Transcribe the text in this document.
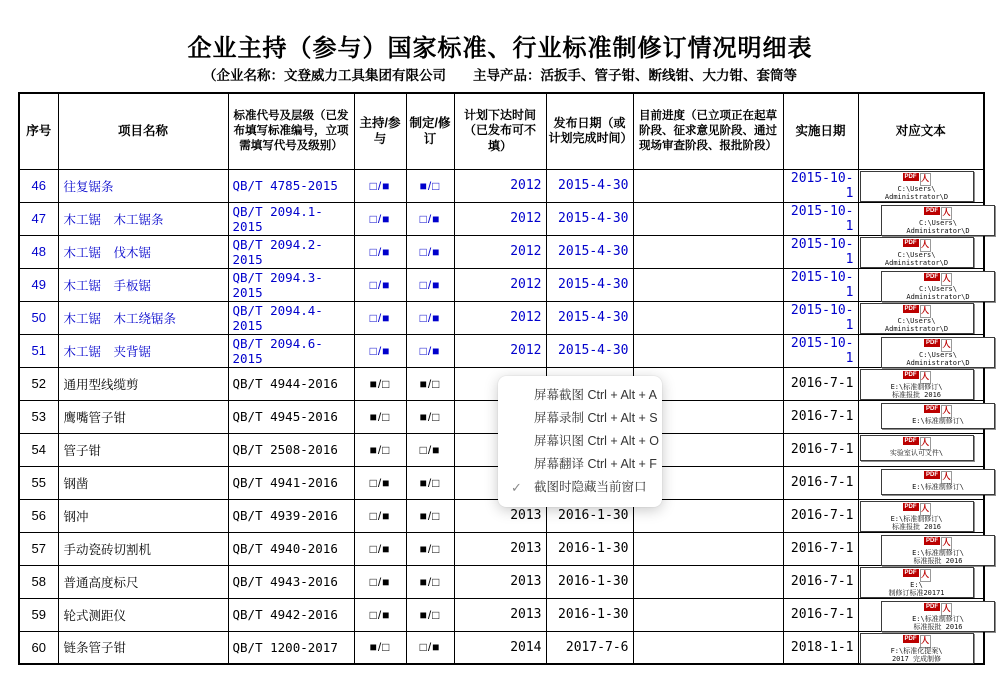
企业主持（参与）国家标准、行业标准制修订情况明细表
（企业名称：文登威力工具集团有限公司　　主导产品：活扳手、管子钳、断线钳、大力钳、套筒等
序号	项目名称	标准代号及层级（已发布填写标准编号，立项需填写代号及级别）	主持/参与	制定/修订	计划下达时间（已发布可不填）	发布日期（或计划完成时间）	目前进度（已立项正在起草阶段、征求意见阶段、通过现场审查阶段、报批阶段）	实施日期	对应文本
46	往复锯条	QB/T 4785-2015	□/■	■/□	2012	2015-4-30		2015-10-1	PDF 人
C:\Users\
Administrator\D

47	木工锯　木工锯条	QB/T 2094.1-2015	□/■	□/■	2012	2015-4-30		2015-10-1	PDF 人
C:\Users\
Administrator\D

48	木工锯　伐木锯	QB/T 2094.2-2015	□/■	□/■	2012	2015-4-30		2015-10-1	PDF 人
C:\Users\
Administrator\D

49	木工锯　手板锯	QB/T 2094.3-2015	□/■	□/■	2012	2015-4-30		2015-10-1	PDF 人
C:\Users\
Administrator\D

50	木工锯　木工绕锯条	QB/T 2094.4-2015	□/■	□/■	2012	2015-4-30		2015-10-1	PDF 人
C:\Users\
Administrator\D

51	木工锯　夹背锯	QB/T 2094.6-2015	□/■	□/■	2012	2015-4-30		2015-10-1	PDF 人
C:\Users\
Administrator\D

52	通用型线缆剪	QB/T 4944-2016	■/□	■/□				2016-7-1	PDF 人
E:\标准制修订\
标准报批 2016

53	鹰嘴管子钳	QB/T 4945-2016	■/□	■/□				2016-7-1	PDF 人
E:\标准制修订\

54	管子钳	QB/T 2508-2016	■/□	□/■				2016-7-1	PDF 人
实验室认可文件\

55	钢凿	QB/T 4941-2016	□/■	■/□				2016-7-1	PDF 人
E:\标准制修订\

56	钢冲	QB/T 4939-2016	□/■	■/□	2013	2016-1-30		2016-7-1	PDF 人
E:\标准制修订\
标准报批 2016

57	手动瓷砖切割机	QB/T 4940-2016	□/■	■/□	2013	2016-1-30		2016-7-1	PDF 人
E:\标准制修订\
标准报批 2016

58	普通高度标尺	QB/T 4943-2016	□/■	■/□	2013	2016-1-30		2016-7-1	PDF 人
E:\
制修订标准20171

59	轮式测距仪	QB/T 4942-2016	□/■	■/□	2013	2016-1-30		2016-7-1	PDF 人
E:\标准制修订\
标准报批 2016

60	链条管子钳	QB/T 1200-2017	■/□	□/■	2014	2017-7-6		2018-1-1	PDF 人
F:\标准化提案\
2017 完成制修
屏幕截图 Ctrl + Alt + A
屏幕录制 Ctrl + Alt + S
屏幕识图 Ctrl + Alt + O
屏幕翻译 Ctrl + Alt + F
✓ 截图时隐藏当前窗口
